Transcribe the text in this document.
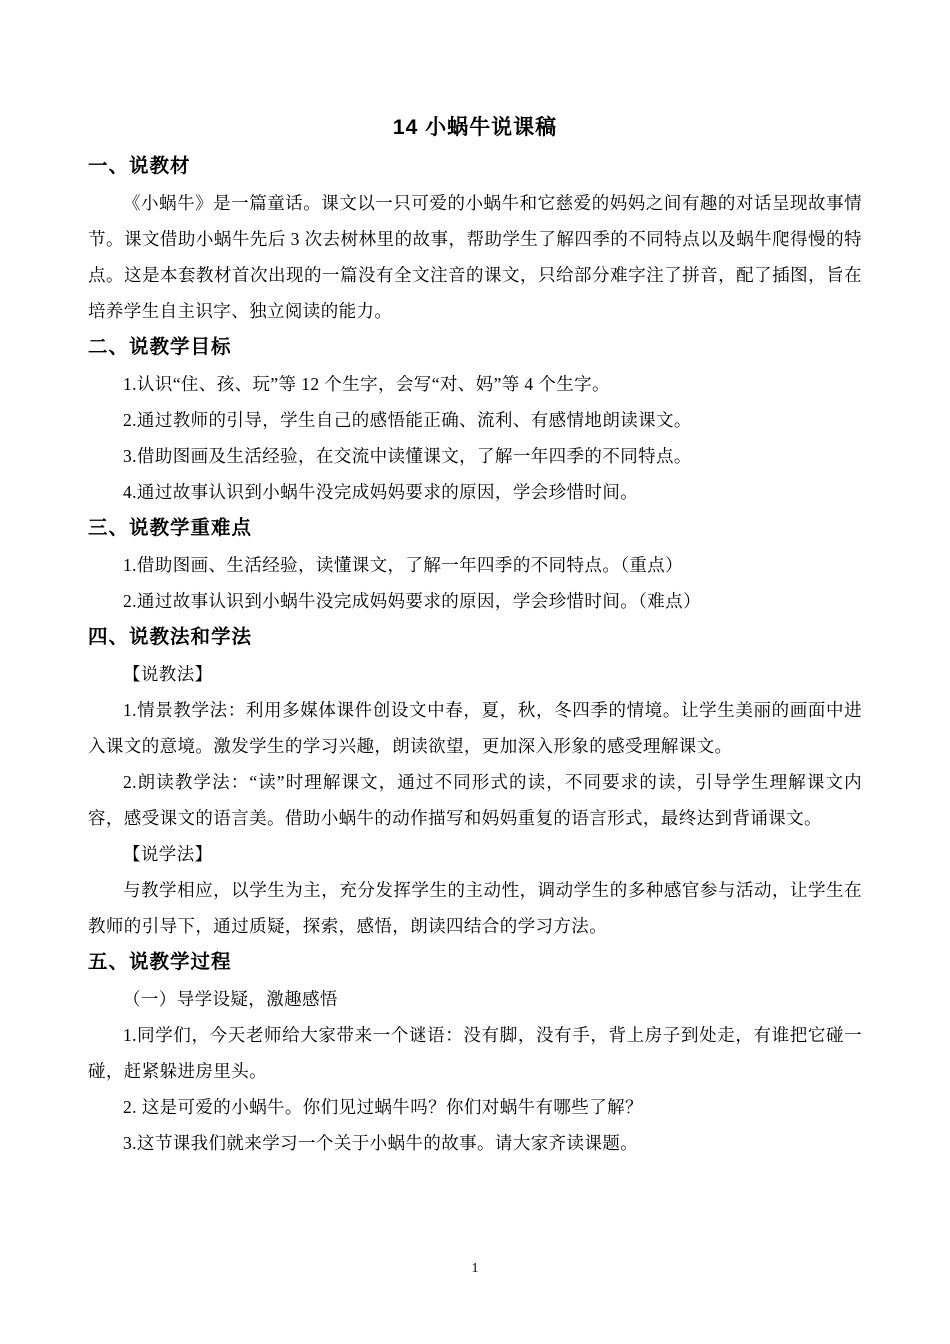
14 小蜗牛说课稿
一、说教材

《小蜗牛》是一篇童话。课文以一只可爱的小蜗牛和它慈爱的妈妈之间有趣的对话呈现故事情节。课文借助小蜗牛先后 3 次去树林里的故事，帮助学生了解四季的不同特点以及蜗牛爬得慢的特点。这是本套教材首次出现的一篇没有全文注音的课文，只给部分难字注了拼音，配了插图，旨在培养学生自主识字、独立阅读的能力。

二、说教学目标

1.认识“住、孩、玩”等 12 个生字，会写“对、妈”等 4 个生字。

2.通过教师的引导，学生自己的感悟能正确、流利、有感情地朗读课文。

3.借助图画及生活经验，在交流中读懂课文，了解一年四季的不同特点。

4.通过故事认识到小蜗牛没完成妈妈要求的原因，学会珍惜时间。

三、说教学重难点

1.借助图画、生活经验，读懂课文，了解一年四季的不同特点。（重点）

2.通过故事认识到小蜗牛没完成妈妈要求的原因，学会珍惜时间。（难点）

四、说教法和学法

【说教法】

1.情景教学法：利用多媒体课件创设文中春，夏，秋，冬四季的情境。让学生美丽的画面中进入课文的意境。激发学生的学习兴趣，朗读欲望，更加深入形象的感受理解课文。

2.朗读教学法：“读”时理解课文，通过不同形式的读，不同要求的读，引导学生理解课文内容，感受课文的语言美。借助小蜗牛的动作描写和妈妈重复的语言形式，最终达到背诵课文。

【说学法】

与教学相应，以学生为主，充分发挥学生的主动性，调动学生的多种感官参与活动，让学生在教师的引导下，通过质疑，探索，感悟，朗读四结合的学习方法。

五、说教学过程

（一）导学设疑，激趣感悟

1.同学们，今天老师给大家带来一个谜语：没有脚，没有手，背上房子到处走，有谁把它碰一碰，赶紧躲进房里头。

2. 这是可爱的小蜗牛。你们见过蜗牛吗？你们对蜗牛有哪些了解？

3.这节课我们就来学习一个关于小蜗牛的故事。请大家齐读课题。

1
